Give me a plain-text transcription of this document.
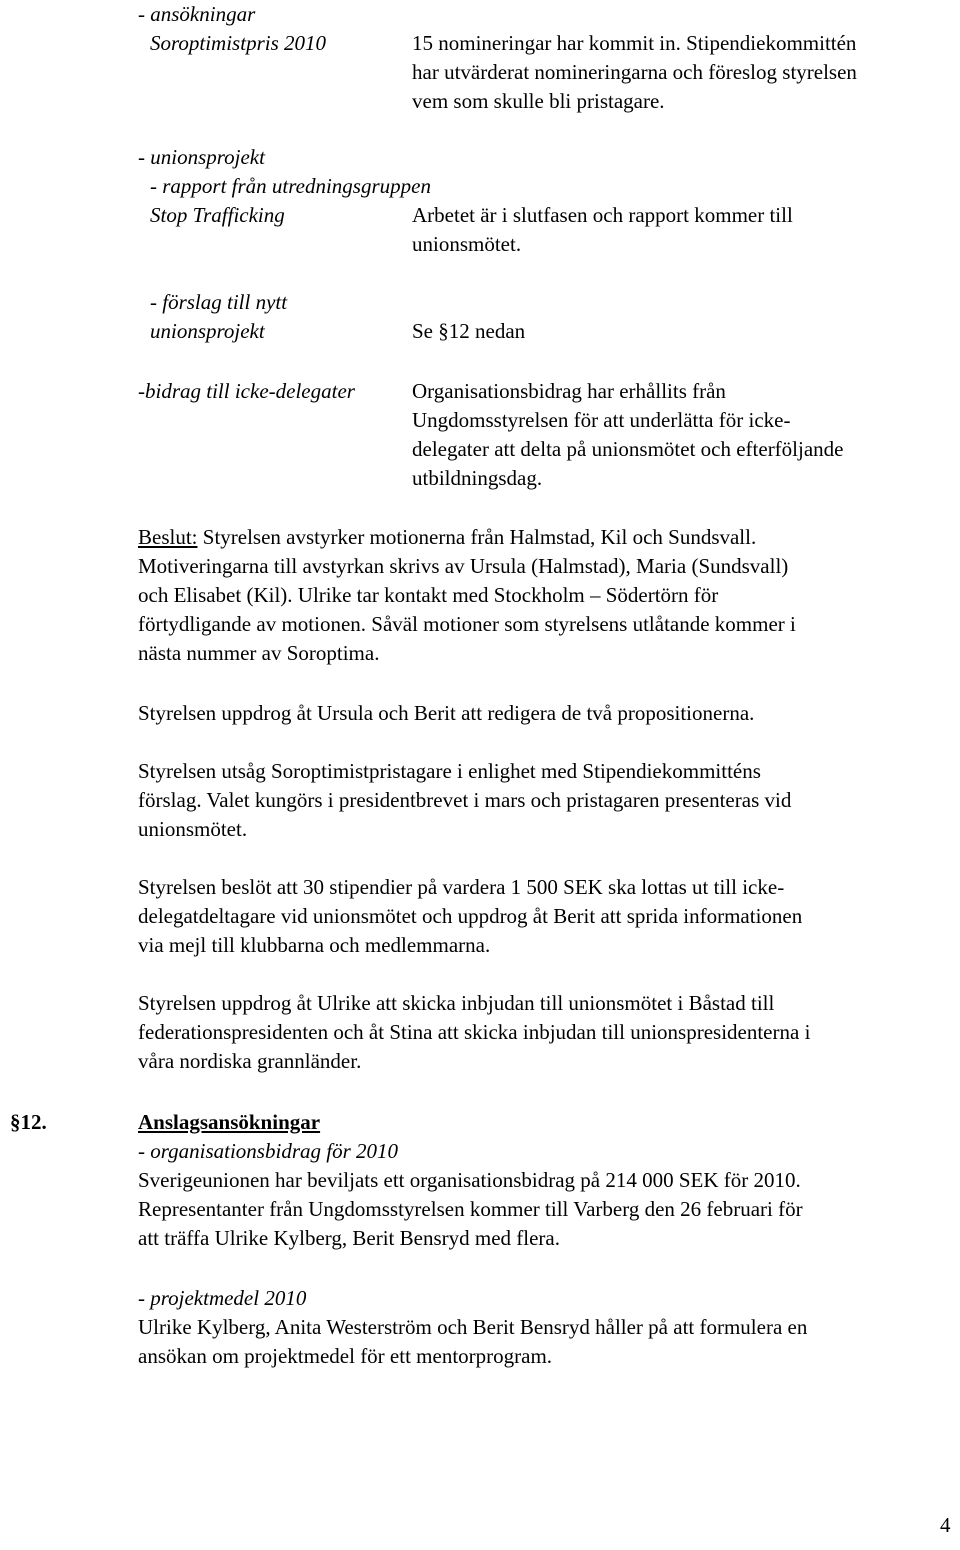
- ansökningar
Soroptimistpris 2010	15 nomineringar har kommit in. Stipendiekommittén
har utvärderat nomineringarna och föreslog styrelsen
vem som skulle bli pristagare.
- unionsprojekt
- rapport från utredningsgruppen
Stop Trafficking	Arbetet är i slutfasen och rapport kommer till
unionsmötet.
- förslag till nytt
unionsprojekt	Se §12 nedan
-bidrag till icke-delegater	Organisationsbidrag har erhållits från
Ungdomsstyrelsen för att underlätta för icke-
delegater att delta på unionsmötet och efterföljande
utbildningsdag.
Beslut: Styrelsen avstyrker motionerna från Halmstad, Kil och Sundsvall.
Motiveringarna till avstyrkan skrivs av Ursula (Halmstad), Maria (Sundsvall)
och Elisabet (Kil). Ulrike tar kontakt med Stockholm – Södertörn för
förtydligande av motionen. Såväl motioner som styrelsens utlåtande kommer i
nästa nummer av Soroptima.
Styrelsen uppdrog åt Ursula och Berit att redigera de två propositionerna.
Styrelsen utsåg Soroptimistpristagare i enlighet med Stipendiekommitténs
förslag. Valet kungörs i presidentbrevet i mars och pristagaren presenteras vid
unionsmötet.
Styrelsen beslöt att 30 stipendier på vardera 1 500 SEK ska lottas ut till icke-
delegatdeltagare vid unionsmötet och uppdrog åt Berit att sprida informationen
via mejl till klubbarna och medlemmarna.
Styrelsen uppdrog åt Ulrike att skicka inbjudan till unionsmötet i Båstad till
federationspresidenten och åt Stina att skicka inbjudan till unionspresidenterna i
våra nordiska grannländer.
§12.	Anslagsansökningar
- organisationsbidrag för 2010
Sverigeunionen har beviljats ett organisationsbidrag på 214 000 SEK för 2010.
Representanter från Ungdomsstyrelsen kommer till Varberg den 26 februari för
att träffa Ulrike Kylberg, Berit Bensryd med flera.
- projektmedel 2010
Ulrike Kylberg, Anita Westerström och Berit Bensryd håller på att formulera en
ansökan om projektmedel för ett mentorprogram.
4
